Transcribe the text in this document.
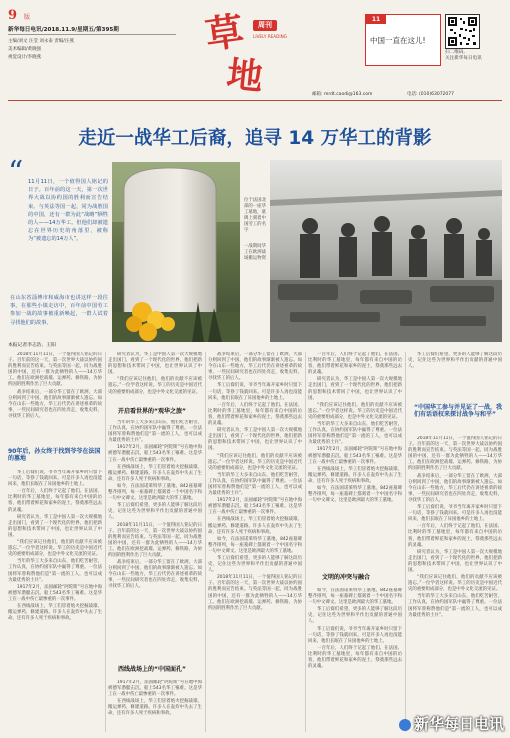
9 版
新华每日电讯/2018.11.9/星期五/第395期
主编/刘文 汪莹 刘永泰 责编/汪燕
美术编辑/黄晓强
视觉设计/李晓燕
草
地
周刊
LIVELY READING
11
中国一直在这儿!
扫二维码,
关注新华每日电讯
邮箱: mrdt.caodi@163.com	电话: (010)63072077
走近一战华工后裔，追寻 14 万华工的背影
“ 11月11日，一个值得国人铭记的日子。百年前的这一天，第一次世界大战以协约国的胜利而宣告结束。与英法等国一起，同为战胜国的中国，还有一群为此“战略”牺牲的人——14万华工。但他们却被遗忘在世界历史的角落里，被称为“被遗忘的14万人”。
在山东省淄博市和威海市也讲这样一段往事。在那些小镇走访中，百年前中国劳工参加一战的故事被重新唤起，一群人试着寻找他们的故事。
本报记者李志浩、王阳
位于法国北部的一座华工墓地，墓碑上刻着中国劳工的名字
一战期间华工在欧洲战场搬运物资

2018年11月11日，一个值得国人铭记的日子。百年前的这一天，第一次世界大战以协约国的胜利而宣告结束。与英法等国一起，同为战胜国的中国，还有一群为此牺牲的人——14万华工。他们在欧洲挖战壕、运弹药、修铁路，为协约国的胜利作出了巨大贡献。

战争结束后，一部分华工留在了欧洲，大部分则回到了中国，他们的故事渐渐被人遗忘。如今在山东一些地方，华工后代仍在讲述祖辈的故事，一些民间研究者也在四处奔走，收集史料，寻找华工的后人。

90年后，孙女终于找到爷爷在法国的墓地

华工后裔们说，爷爷当年离开家乡时只留下一句话，等挣了钱就回来。可是许多人再也没能回来，他们长眠在了异国他乡的土地上。

一百年后，人们终于记起了他们。在法国、比利时的华工墓地里，每年都有来自中国的访客，他们带着鲜花和家乡的泥土，祭奠那些远去的灵魂。

研究者认为，华工是中国人第一次大规模地走出国门，看到了一个现代化的世界，他们把新的思想和技术带回了中国，也让世界认识了中国。

“我们应该记住他们，他们的贡献不应该被遗忘。”一位学者这样说。华工的历史是中国近代史的重要组成部分，也是中外文化交流的见证。

当年的华工大多来自山东，他们吃苦耐劳，工作认真，在协约国军队中赢得了尊重。一位法国将军曾称赞他们是“第一流的工人，也可以成为最优秀的士兵”。

1917年2月，法国邮轮“阿陀斯”号在地中海被德军潜艇击沉，船上543名华工罹难。这是华工在一战中伤亡最惨重的一次事件。

在西线战场上，华工们冒着炮火挖掘战壕、搬运弹药、修建道路。许多人在轰炸中失去了生命，还有许多人死于疾病和事故。

研究者认为，华工是中国人第一次大规模地走出国门，看到了一个现代化的世界，他们把新的思想和技术带回了中国，也让世界认识了中国。

“我们应该记住他们，他们的贡献不应该被遗忘。”一位学者这样说。华工的历史是中国近代史的重要组成部分，也是中外文化交流的见证。

开启看世界的“观华之旅”

当年的华工大多来自山东，他们吃苦耐劳，工作认真，在协约国军队中赢得了尊重。一位法国将军曾称赞他们是“第一流的工人，也可以成为最优秀的士兵”。

1917年2月，法国邮轮“阿陀斯”号在地中海被德军潜艇击沉，船上543名华工罹难。这是华工在一战中伤亡最惨重的一次事件。

在西线战场上，华工们冒着炮火挖掘战壕、搬运弹药、修建道路。许多人在轰炸中失去了生命，还有许多人死于疾病和事故。

如今，在法国诺莱特华工墓地，842座墓碑整齐排列，每一座墓碑上都刻着一个中国名字和一句中文碑文。这里是欧洲最大的华工墓地。

华工后裔们希望，更多的人能够了解这段历史，记住这些为世界和平作出贡献的普通中国人。

2018年11月11日，一个值得国人铭记的日子。百年前的这一天，第一次世界大战以协约国的胜利而宣告结束。与英法等国一起，同为战胜国的中国，还有一群为此牺牲的人——14万华工。他们在欧洲挖战壕、运弹药、修铁路，为协约国的胜利作出了巨大贡献。

战争结束后，一部分华工留在了欧洲，大部分则回到了中国，他们的故事渐渐被人遗忘。如今在山东一些地方，华工后代仍在讲述祖辈的故事，一些民间研究者也在四处奔走，收集史料，寻找华工的后人。

西线战场上的“中国面孔”

1917年2月，法国邮轮“阿陀斯”号在地中海被德军潜艇击沉，船上543名华工罹难。这是华工在一战中伤亡最惨重的一次事件。

在西线战场上，华工们冒着炮火挖掘战壕、搬运弹药、修建道路。许多人在轰炸中失去了生命，还有许多人死于疾病和事故。

战争结束后，一部分华工留在了欧洲，大部分则回到了中国，他们的故事渐渐被人遗忘。如今在山东一些地方，华工后代仍在讲述祖辈的故事，一些民间研究者也在四处奔走，收集史料，寻找华工的后人。

华工后裔们说，爷爷当年离开家乡时只留下一句话，等挣了钱就回来。可是许多人再也没能回来，他们长眠在了异国他乡的土地上。

一百年后，人们终于记起了他们。在法国、比利时的华工墓地里，每年都有来自中国的访客，他们带着鲜花和家乡的泥土，祭奠那些远去的灵魂。

研究者认为，华工是中国人第一次大规模地走出国门，看到了一个现代化的世界，他们把新的思想和技术带回了中国，也让世界认识了中国。

“我们应该记住他们，他们的贡献不应该被遗忘。”一位学者这样说。华工的历史是中国近代史的重要组成部分，也是中外文化交流的见证。

当年的华工大多来自山东，他们吃苦耐劳，工作认真，在协约国军队中赢得了尊重。一位法国将军曾称赞他们是“第一流的工人，也可以成为最优秀的士兵”。

1917年2月，法国邮轮“阿陀斯”号在地中海被德军潜艇击沉，船上543名华工罹难。这是华工在一战中伤亡最惨重的一次事件。

在西线战场上，华工们冒着炮火挖掘战壕、搬运弹药、修建道路。许多人在轰炸中失去了生命，还有许多人死于疾病和事故。

如今，在法国诺莱特华工墓地，842座墓碑整齐排列，每一座墓碑上都刻着一个中国名字和一句中文碑文。这里是欧洲最大的华工墓地。

华工后裔们希望，更多的人能够了解这段历史，记住这些为世界和平作出贡献的普通中国人。

2018年11月11日，一个值得国人铭记的日子。百年前的这一天，第一次世界大战以协约国的胜利而宣告结束。与英法等国一起，同为战胜国的中国，还有一群为此牺牲的人——14万华工。他们在欧洲挖战壕、运弹药、修铁路，为协约国的胜利作出了巨大贡献。

一百年后，人们终于记起了他们。在法国、比利时的华工墓地里，每年都有来自中国的访客，他们带着鲜花和家乡的泥土，祭奠那些远去的灵魂。

研究者认为，华工是中国人第一次大规模地走出国门，看到了一个现代化的世界，他们把新的思想和技术带回了中国，也让世界认识了中国。

“我们应该记住他们，他们的贡献不应该被遗忘。”一位学者这样说。华工的历史是中国近代史的重要组成部分，也是中外文化交流的见证。

当年的华工大多来自山东，他们吃苦耐劳，工作认真，在协约国军队中赢得了尊重。一位法国将军曾称赞他们是“第一流的工人，也可以成为最优秀的士兵”。

1917年2月，法国邮轮“阿陀斯”号在地中海被德军潜艇击沉，船上543名华工罹难。这是华工在一战中伤亡最惨重的一次事件。

在西线战场上，华工们冒着炮火挖掘战壕、搬运弹药、修建道路。许多人在轰炸中失去了生命，还有许多人死于疾病和事故。

如今，在法国诺莱特华工墓地，842座墓碑整齐排列，每一座墓碑上都刻着一个中国名字和一句中文碑文。这里是欧洲最大的华工墓地。

文明的冲突与融合

如今，在法国诺莱特华工墓地，842座墓碑整齐排列，每一座墓碑上都刻着一个中国名字和一句中文碑文。这里是欧洲最大的华工墓地。

华工后裔们希望，更多的人能够了解这段历史，记住这些为世界和平作出贡献的普通中国人。

华工后裔们说，爷爷当年离开家乡时只留下一句话，等挣了钱就回来。可是许多人再也没能回来，他们长眠在了异国他乡的土地上。

一百年后，人们终于记起了他们。在法国、比利时的华工墓地里，每年都有来自中国的访客，他们带着鲜花和家乡的泥土，祭奠那些远去的灵魂。

华工后裔们希望，更多的人能够了解这段历史，记住这些为世界和平作出贡献的普通中国人。

“中国华工参与并见证了一战，我们有话语权来探讨战争与和平”

2018年11月11日，一个值得国人铭记的日子。百年前的这一天，第一次世界大战以协约国的胜利而宣告结束。与英法等国一起，同为战胜国的中国，还有一群为此牺牲的人——14万华工。他们在欧洲挖战壕、运弹药、修铁路，为协约国的胜利作出了巨大贡献。

战争结束后，一部分华工留在了欧洲，大部分则回到了中国，他们的故事渐渐被人遗忘。如今在山东一些地方，华工后代仍在讲述祖辈的故事，一些民间研究者也在四处奔走，收集史料，寻找华工的后人。

华工后裔们说，爷爷当年离开家乡时只留下一句话，等挣了钱就回来。可是许多人再也没能回来，他们长眠在了异国他乡的土地上。

一百年后，人们终于记起了他们。在法国、比利时的华工墓地里，每年都有来自中国的访客，他们带着鲜花和家乡的泥土，祭奠那些远去的灵魂。

研究者认为，华工是中国人第一次大规模地走出国门，看到了一个现代化的世界，他们把新的思想和技术带回了中国，也让世界认识了中国。

“我们应该记住他们，他们的贡献不应该被遗忘。”一位学者这样说。华工的历史是中国近代史的重要组成部分，也是中外文化交流的见证。

当年的华工大多来自山东，他们吃苦耐劳，工作认真，在协约国军队中赢得了尊重。一位法国将军曾称赞他们是“第一流的工人，也可以成为最优秀的士兵”。

新华每日电讯
